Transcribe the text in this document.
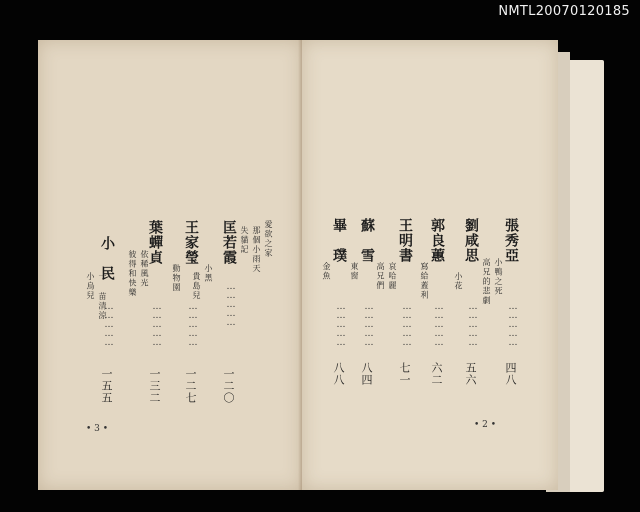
NMTL20070120185
愛欲之家
那個小雨天
失貓記
匡若霞
……………
一二〇
王家瑩
小黑
貴島兒
動物園
……………
一二七
葉蟬貞
依稀風光
彼得和快樂
……………
一三二
小　民
一 苗清涼
小烏兒
……………
一五五
• 3 •
張秀亞
小鴨之死
高兄的悲劇
……………
四八
劉咸思
小花
……………
五六
郭良蕙
寫給蓋利
……………
六二
王明書
哀哈麗
高兄們
……………
七一
蘇　雪
東窗
……………
八四
畢　璞
金魚
……………
八八
• 2 •
